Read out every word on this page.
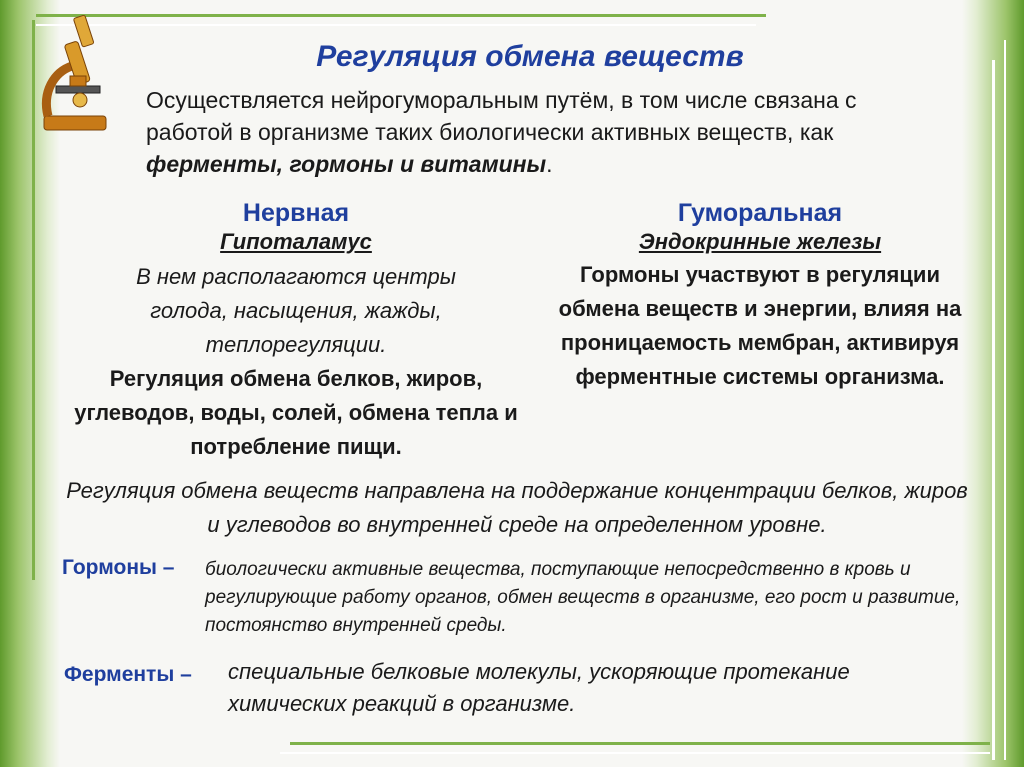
Регуляция обмена веществ
Осуществляется нейрогуморальным путём, в том числе связана с работой в организме таких биологически активных веществ, как ферменты, гормоны и витамины.
Нервная
Гипоталамус
В нем располагаются центры голода, насыщения, жажды, теплорегуляции.
Регуляция обмена белков, жиров, углеводов, воды, солей, обмена тепла и потребление пищи.
Гуморальная
Эндокринные железы
Гормоны участвуют в регуляции обмена веществ и энергии, влияя на проницаемость мембран, активируя ферментные системы организма.
Регуляция обмена веществ направлена на поддержание концентрации белков, жиров и углеводов во внутренней среде на определенном уровне.
Гормоны – биологически активные вещества, поступающие непосредственно в кровь и регулирующие работу органов, обмен веществ в организме, его рост и развитие, постоянство внутренней среды.
Ферменты – специальные белковые молекулы, ускоряющие протекание химических реакций в организме.
